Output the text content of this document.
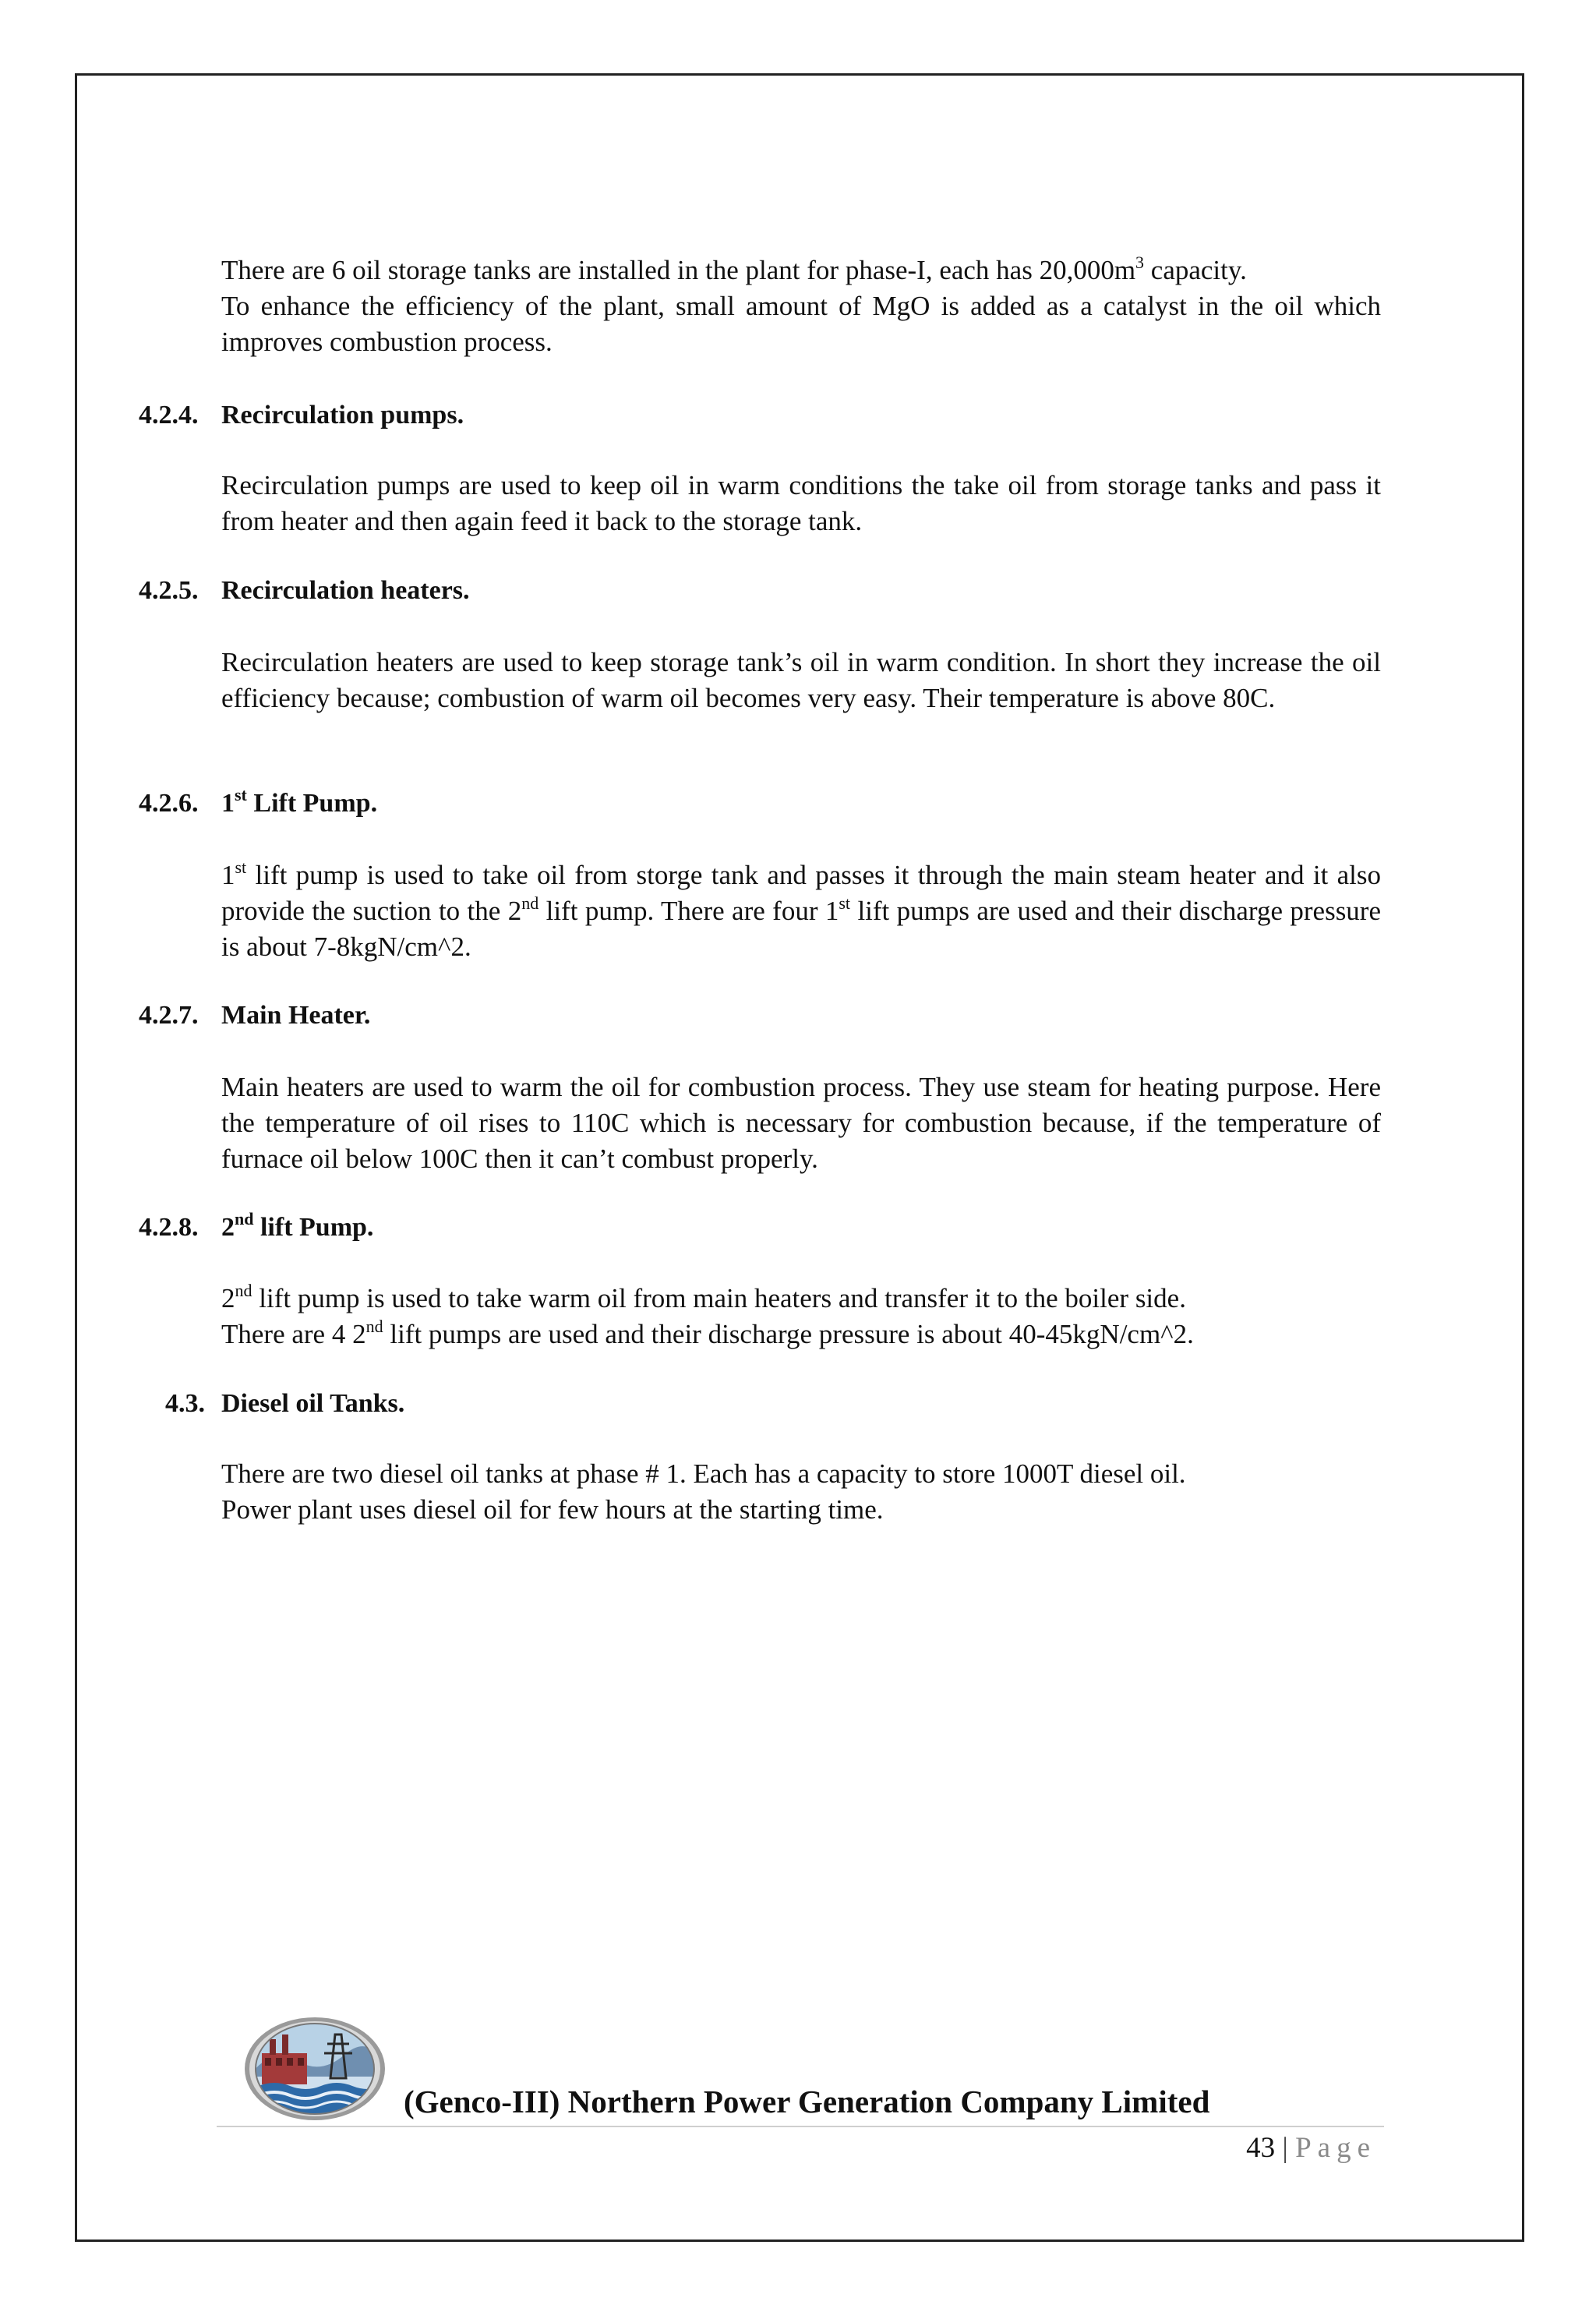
There are 6 oil storage tanks are installed in the plant for phase-I, each has $20,000m^3$ capacity.
To enhance the efficiency of the plant, small amount of MgO is added as a catalyst in the oil which improves combustion process.

4.2.4. Recirculation pumps.

Recirculation pumps are used to keep oil in warm conditions the take oil from storage tanks and pass it from heater and then again feed it back to the storage tank.

4.2.5. Recirculation heaters.

Recirculation heaters are used to keep storage tank’s oil in warm condition. In short they increase the oil efficiency because; combustion of warm oil becomes very easy. Their temperature is above 80C.

4.2.6. 1st Lift Pump.

1st lift pump is used to take oil from storge tank and passes it through the main steam heater and it also provide the suction to the 2nd lift pump. There are four 1st lift pumps are used and their discharge pressure is about 7-8kgN/cm^2.

4.2.7. Main Heater.

Main heaters are used to warm the oil for combustion process. They use steam for heating purpose. Here the temperature of oil rises to 110C which is necessary for combustion because, if the temperature of furnace oil below 100C then it can’t combust properly.

4.2.8. 2nd lift Pump.

2nd lift pump is used to take warm oil from main heaters and transfer it to the boiler side.
There are 4 2nd lift pumps are used and their discharge pressure is about 40-45kgN/cm^2.

4.3. Diesel oil Tanks.

There are two diesel oil tanks at phase # 1. Each has a capacity to store 1000T diesel oil.
Power plant uses diesel oil for few hours at the starting time.

(Genco-III) Northern Power Generation Company Limited
43 | Page
